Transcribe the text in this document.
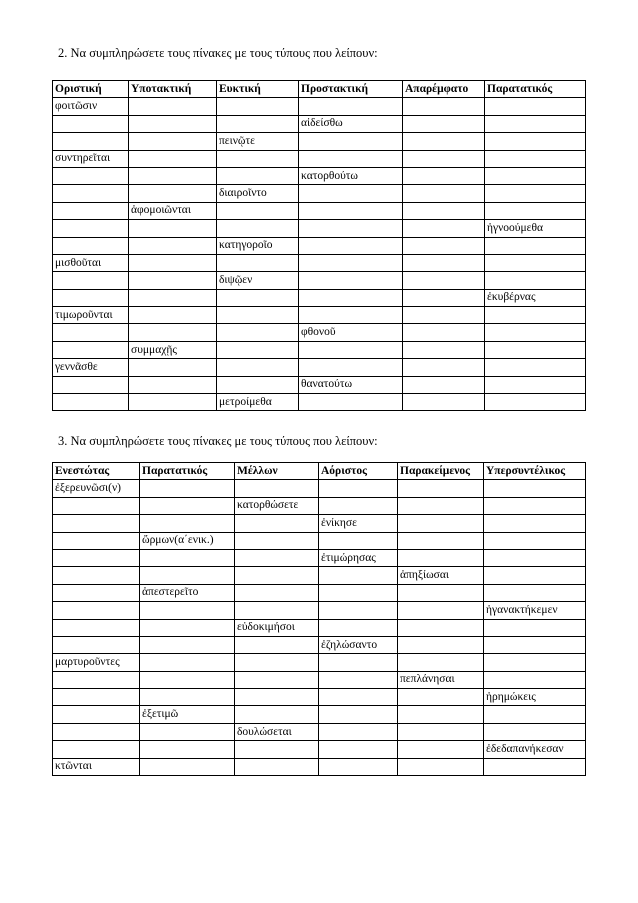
2. Να συμπληρώσετε τους πίνακες με τους τύπους που λείπουν:
Οριστική	Υποτακτική	Ευκτική	Προστακτική	Απαρέμφατο	Παρατατικός
φοιτῶσιν					
			αἰδείσθω		
		πεινῷτε			
συντηρεῖται					
			κατορθούτω		
		διαιροῖντο			
	ἀφομοιῶνται				
					ἠγνοούμεθα
		κατηγοροῖο			
μισθοῦται					
		διψῷεν			
					ἐκυβέρνας
τιμωροῦνται					
			φθονοῦ		
	συμμαχῇς				
γεννᾶσθε					
			θανατούτω		
		μετροίμεθα			
3. Να συμπληρώσετε τους πίνακες με τους τύπους που λείπουν:
Ενεστώτας	Παρατατικός	Μέλλων	Αόριστος	Παρακείμενος	Υπερσυντέλικος
ἐξερευνῶσι(ν)					
		κατορθώσετε			
			ἐνίκησε		
	ὥρμων(α΄ενικ.)				
			ἐτιμώρησας		
				ἀπηξίωσαι	
	ἀπεστερεῖτο				
					ἠγανακτήκεμεν
		εὐδοκιμήσοι			
			ἐζηλώσαντο		
μαρτυροῦντες					
				πεπλάνησαι	
					ἠρημώκεις
	ἐξετιμῶ				
		δουλώσεται			
					ἐδεδαπανήκεσαν
κτῶνται					
